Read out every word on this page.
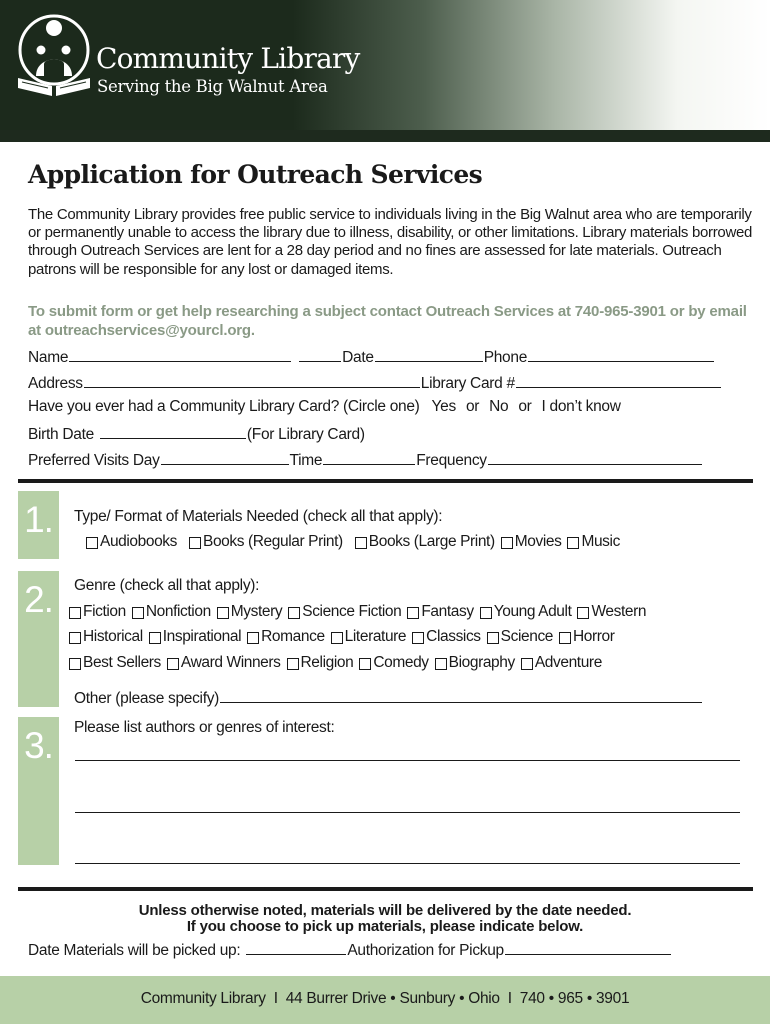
Community Library
Serving the Big Walnut Area
Application for Outreach Services
The Community Library provides free public service to individuals living in the Big Walnut area who are temporarily or permanently unable to access the library due to illness, disability, or other limitations. Library materials borrowed through Outreach Services are lent for a 28 day period and no fines are assessed for late materials. Outreach patrons will be responsible for any lost or damaged items.
To submit form or get help researching a subject contact Outreach Services at 740-965-3901 or by email at outreachservices@yourcl.org.
Name	Date	Phone
Address	Library Card #
Have you ever had a Community Library Card? (Circle one) Yes or No or I don’t know
Birth Date	(For Library Card)
Preferred Visits Day	Time	Frequency
1.	Type/ Format of Materials Needed (check all that apply):
Audiobooks Books (Regular Print) Books (Large Print) Movies Music
2.	Genre (check all that apply):
Fiction Nonfiction Mystery Science Fiction Fantasy Young Adult Western
Historical Inspirational Romance Literature Classics Science Horror
Best Sellers Award Winners Religion Comedy Biography Adventure
Other (please specify)
3.	Please list authors or genres of interest:
Unless otherwise noted, materials will be delivered by the date needed.
If you choose to pick up materials, please indicate below.
Date Materials will be picked up:	Authorization for Pickup
Community Library  I  44 Burrer Drive • Sunbury • Ohio  I  740 • 965 • 3901
